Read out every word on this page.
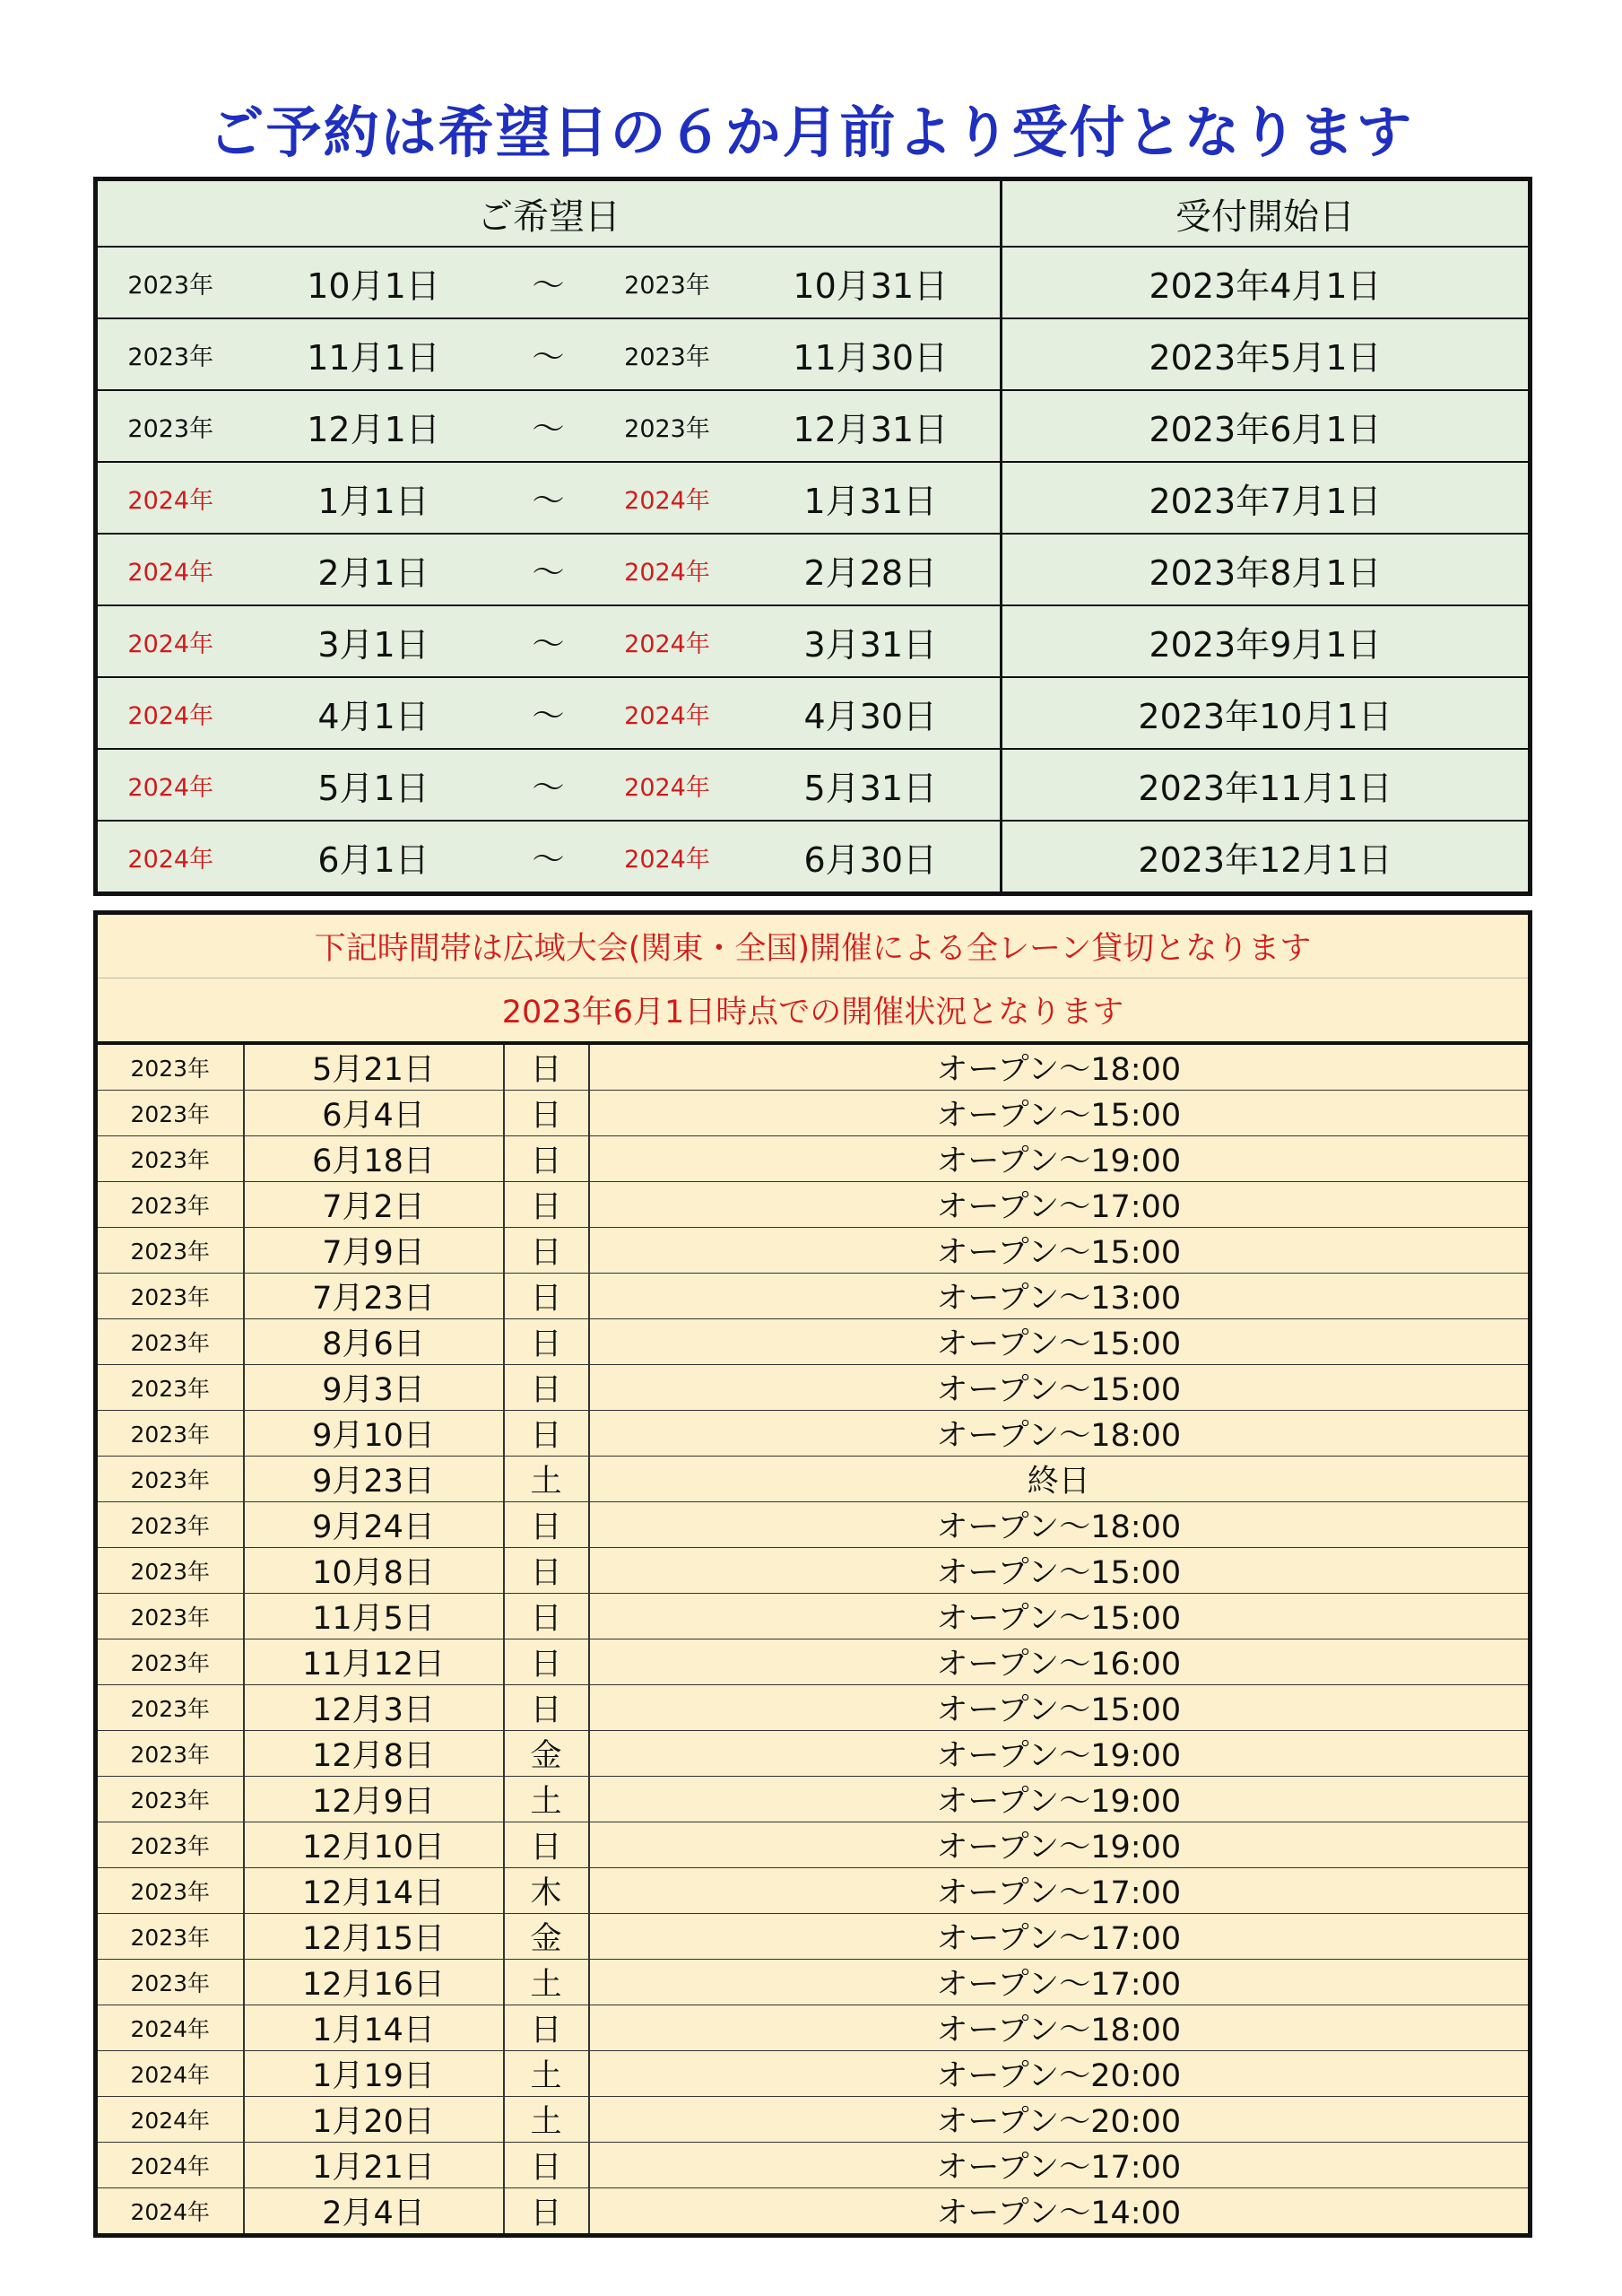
ご予約は希望日の６か月前より受付となります
ご希望日					受付開始日
2023年	10月1日	～	2023年	10月31日	2023年4月1日
2023年	11月1日	～	2023年	11月30日	2023年5月1日
2023年	12月1日	～	2023年	12月31日	2023年6月1日
2024年	1月1日	～	2024年	1月31日	2023年7月1日
2024年	2月1日	～	2024年	2月28日	2023年8月1日
2024年	3月1日	～	2024年	3月31日	2023年9月1日
2024年	4月1日	～	2024年	4月30日	2023年10月1日
2024年	5月1日	～	2024年	5月31日	2023年11月1日
2024年	6月1日	～	2024年	6月30日	2023年12月1日
下記時間帯は広域大会(関東・全国)開催による全レーン貸切となります			
2023年6月1日時点での開催状況となります			
2023年	5月21日	日	オープン～18:00
2023年	6月4日	日	オープン～15:00
2023年	6月18日	日	オープン～19:00
2023年	7月2日	日	オープン～17:00
2023年	7月9日	日	オープン～15:00
2023年	7月23日	日	オープン～13:00
2023年	8月6日	日	オープン～15:00
2023年	9月3日	日	オープン～15:00
2023年	9月10日	日	オープン～18:00
2023年	9月23日	土	終日
2023年	9月24日	日	オープン～18:00
2023年	10月8日	日	オープン～15:00
2023年	11月5日	日	オープン～15:00
2023年	11月12日	日	オープン～16:00
2023年	12月3日	日	オープン～15:00
2023年	12月8日	金	オープン～19:00
2023年	12月9日	土	オープン～19:00
2023年	12月10日	日	オープン～19:00
2023年	12月14日	木	オープン～17:00
2023年	12月15日	金	オープン～17:00
2023年	12月16日	土	オープン～17:00
2024年	1月14日	日	オープン～18:00
2024年	1月19日	土	オープン～20:00
2024年	1月20日	土	オープン～20:00
2024年	1月21日	日	オープン～17:00
2024年	2月4日	日	オープン～14:00
